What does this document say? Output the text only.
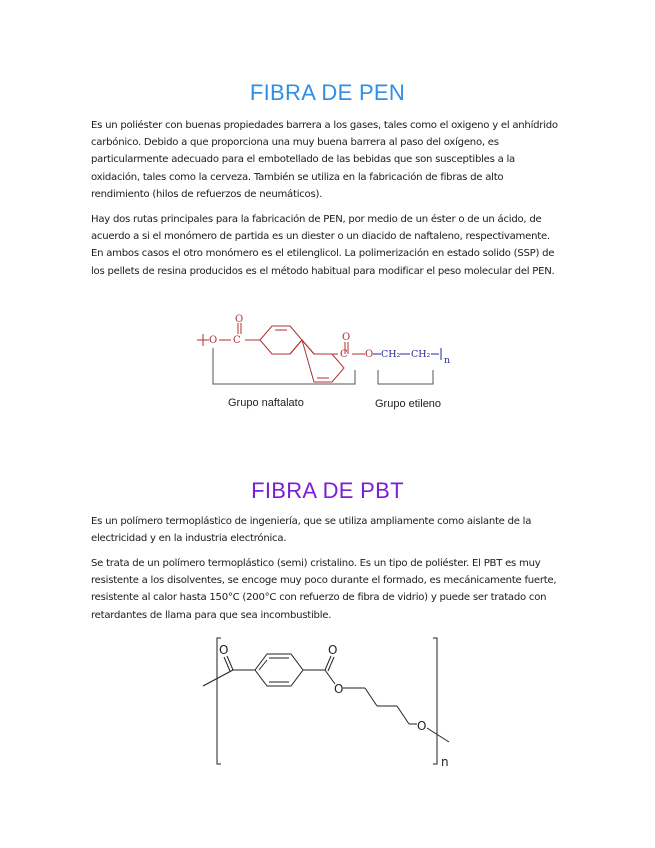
FIBRA DE PEN

Es un poliéster con buenas propiedades barrera a los gases, tales como el oxigeno y el anhídrido carbónico. Debido a que proporciona una muy buena barrera al paso del oxígeno, es particularmente adecuado para el embotellado de las bebidas que son susceptibles a la oxidación, tales como la cerveza. También se utiliza en la fabricación de fibras de alto rendimiento (hilos de refuerzos de neumáticos).

Hay dos rutas principales para la fabricación de PEN, por medio de un éster o de un ácido, de acuerdo a si el monómero de partida es un diester o un diacido de naftaleno, respectivamente. En ambos casos el otro monómero es el etilenglicol. La polimerización en estado solido (SSP) de los pellets de resina producidos es el método habitual para modificar el peso molecular del PEN.

O C
O
C
O
O CH₂ CH₂
n
Grupo naftalato	Grupo etileno
FIBRA DE PBT

Es un polímero termoplástico de ingeniería, que se utiliza ampliamente como aislante de la electricidad y en la industria electrónica.

Se trata de un polímero termoplástico (semi) cristalino. Es un tipo de poliéster. El PBT es muy resistente a los disolventes, se encoge muy poco durante el formado, es mecánicamente fuerte, resistente al calor hasta 150°C (200°C con refuerzo de fibra de vidrio) y puede ser tratado con retardantes de llama para que sea incombustible.

O	O
O
O
n
